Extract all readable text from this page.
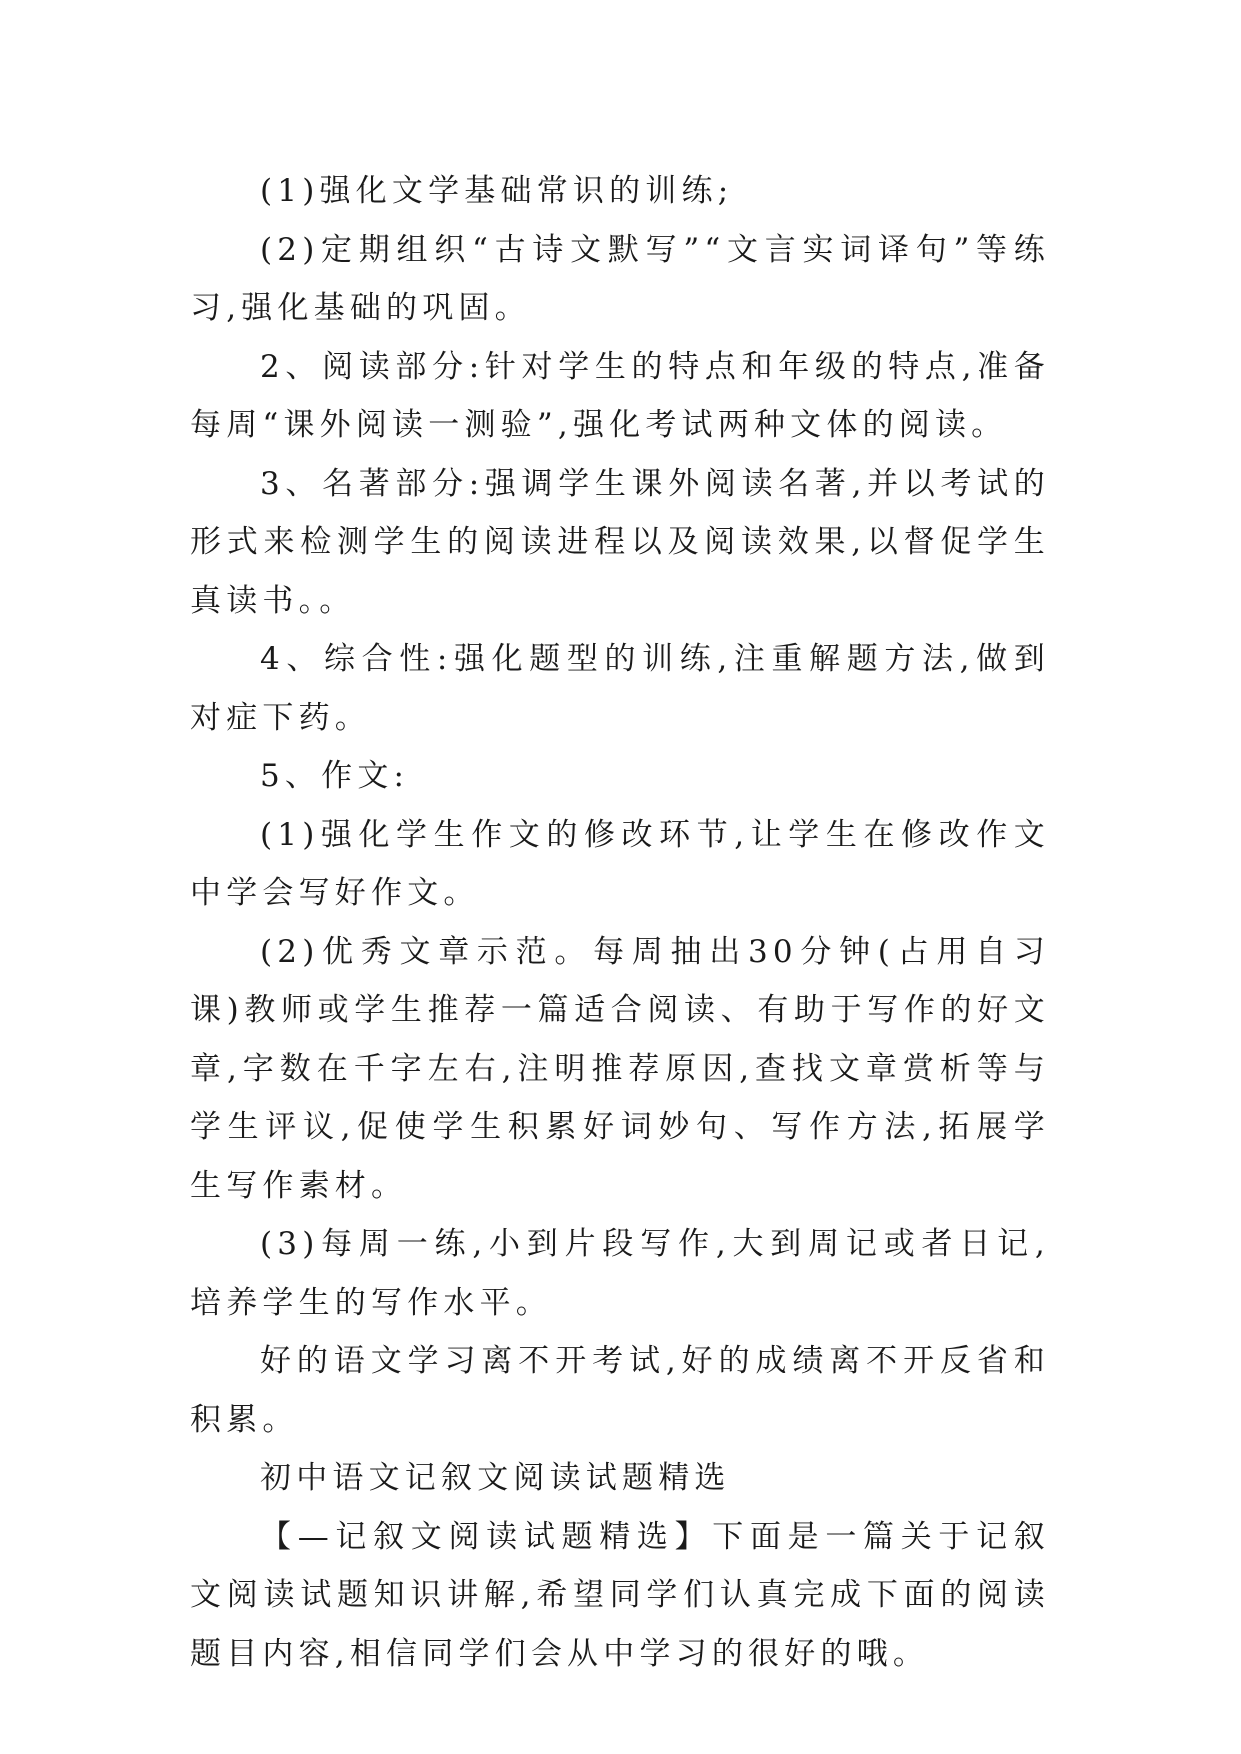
(1)强化文学基础常识的训练;

(2)定期组织“古诗文默写”“文言实词译句”等练习,强化基础的巩固。

2、阅读部分:针对学生的特点和年级的特点,准备每周“课外阅读一测验”,强化考试两种文体的阅读。

3、名著部分:强调学生课外阅读名著,并以考试的形式来检测学生的阅读进程以及阅读效果,以督促学生真读书。。

4、综合性:强化题型的训练,注重解题方法,做到对症下药。

5、作文:

(1)强化学生作文的修改环节,让学生在修改作文中学会写好作文。

(2)优秀文章示范。每周抽出30分钟(占用自习课)教师或学生推荐一篇适合阅读、有助于写作的好文章,字数在千字左右,注明推荐原因,查找文章赏析等与学生评议,促使学生积累好词妙句、写作方法,拓展学生写作素材。

(3)每周一练,小到片段写作,大到周记或者日记,培养学生的写作水平。

好的语文学习离不开考试,好的成绩离不开反省和积累。

初中语文记叙文阅读试题精选

【—记叙文阅读试题精选】下面是一篇关于记叙文阅读试题知识讲解,希望同学们认真完成下面的阅读题目内容,相信同学们会从中学习的很好的哦。
